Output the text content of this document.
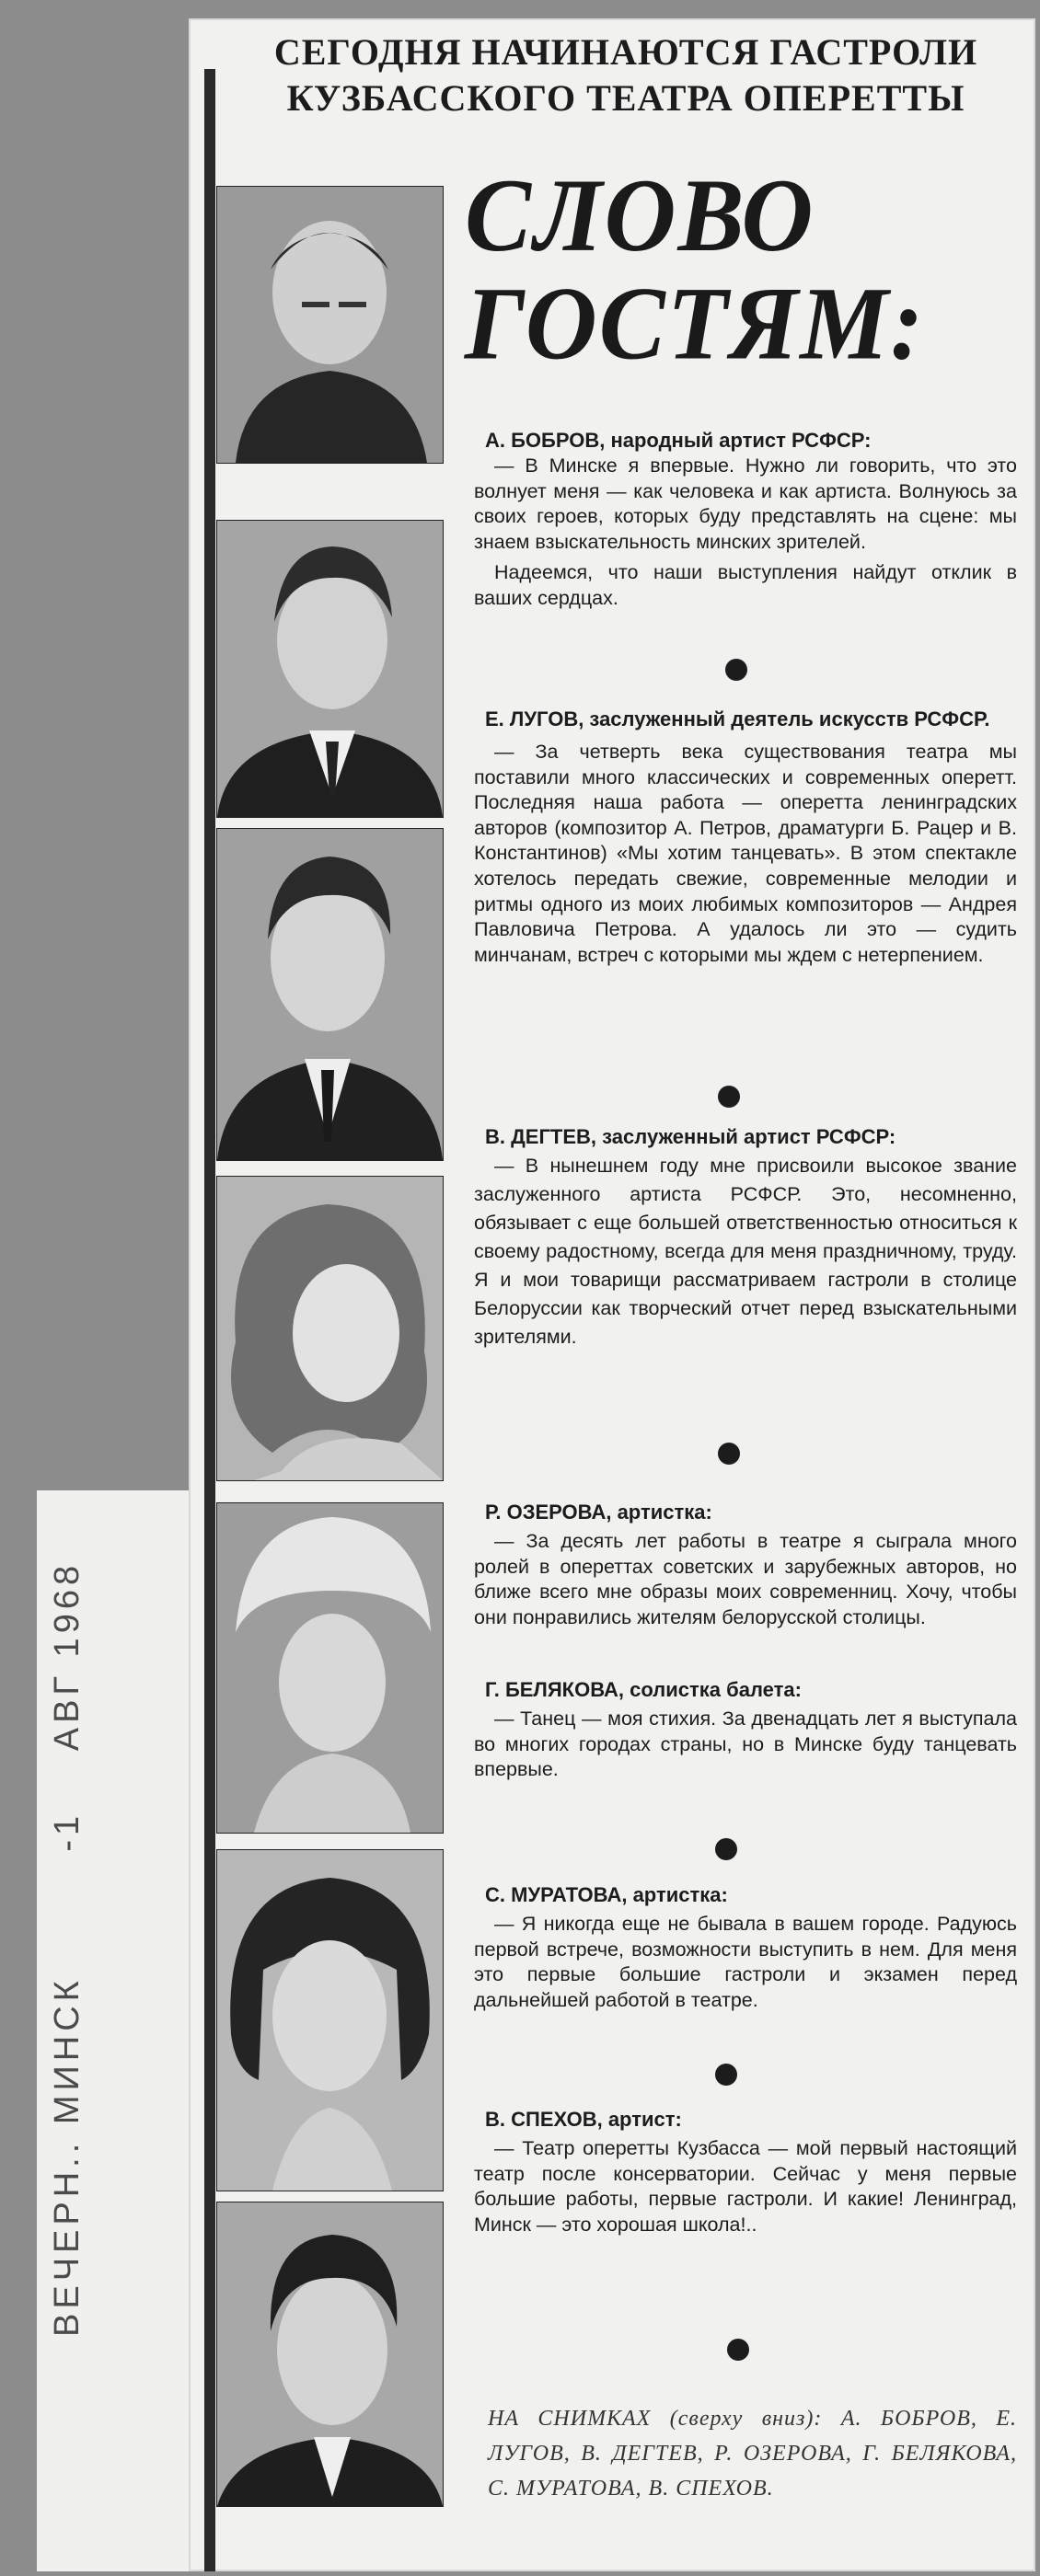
СЕГОДНЯ НАЧИНАЮТСЯ ГАСТРОЛИ
КУЗБАССКОГО ТЕАТРА ОПЕРЕТТЫ
СЛОВО
ГОСТЯМ:
А. БОБРОВ, народный артист РСФСР:
— В Минске я впервые. Нужно ли говорить, что это волнует меня — как человека и как артиста. Волнуюсь за своих героев, которых буду представлять на сцене: мы знаем взыскательность минских зрителей.
Надеемся, что наши выступления найдут отклик в ваших сердцах.
Е. ЛУГОВ, заслуженный деятель искусств РСФСР.
— За четверть века существования театра мы поставили много классических и современных оперетт. Последняя наша работа — оперетта ленинградских авторов (композитор А. Петров, драматурги Б. Рацер и В. Константинов) «Мы хотим танцевать». В этом спектакле хотелось передать свежие, современные мелодии и ритмы одного из моих любимых композиторов — Андрея Павловича Петрова. А удалось ли это — судить минчанам, встреч с которыми мы ждем с нетерпением.
В. ДЕГТЕВ, заслуженный артист РСФСР:
— В нынешнем году мне присвоили высокое звание заслуженного артиста РСФСР. Это, несомненно, обязывает с еще большей ответственностью относиться к своему радостному, всегда для меня праздничному, труду. Я и мои товарищи рассматриваем гастроли в столице Белоруссии как творческий отчет перед взыскательными зрителями.
Р. ОЗЕРОВА, артистка:
— За десять лет работы в театре я сыграла много ролей в опереттах советских и зарубежных авторов, но ближе всего мне образы моих современниц. Хочу, чтобы они понравились жителям белорусской столицы.
Г. БЕЛЯКОВА, солистка балета:
— Танец — моя стихия. За двенадцать лет я выступала во многих городах страны, но в Минске буду танцевать впервые.
С. МУРАТОВА, артистка:
— Я никогда еще не бывала в вашем городе. Радуюсь первой встрече, возможности выступить в нем. Для меня это первые большие гастроли и экзамен перед дальнейшей работой в театре.
В. СПЕХОВ, артист:
— Театр оперетты Кузбасса — мой первый настоящий театр после консерватории. Сейчас у меня первые большие работы, первые гастроли. И какие! Ленинград, Минск — это хорошая школа!..
НА СНИМКАХ (сверху вниз): А. БОБРОВ, Е. ЛУГОВ, В. ДЕГТЕВ, Р. ОЗЕРОВА, Г. БЕЛЯКОВА, С. МУРАТОВА, В. СПЕХОВ.
ВЕЧЕРН.. МИНСК -1 АВГ 1968
